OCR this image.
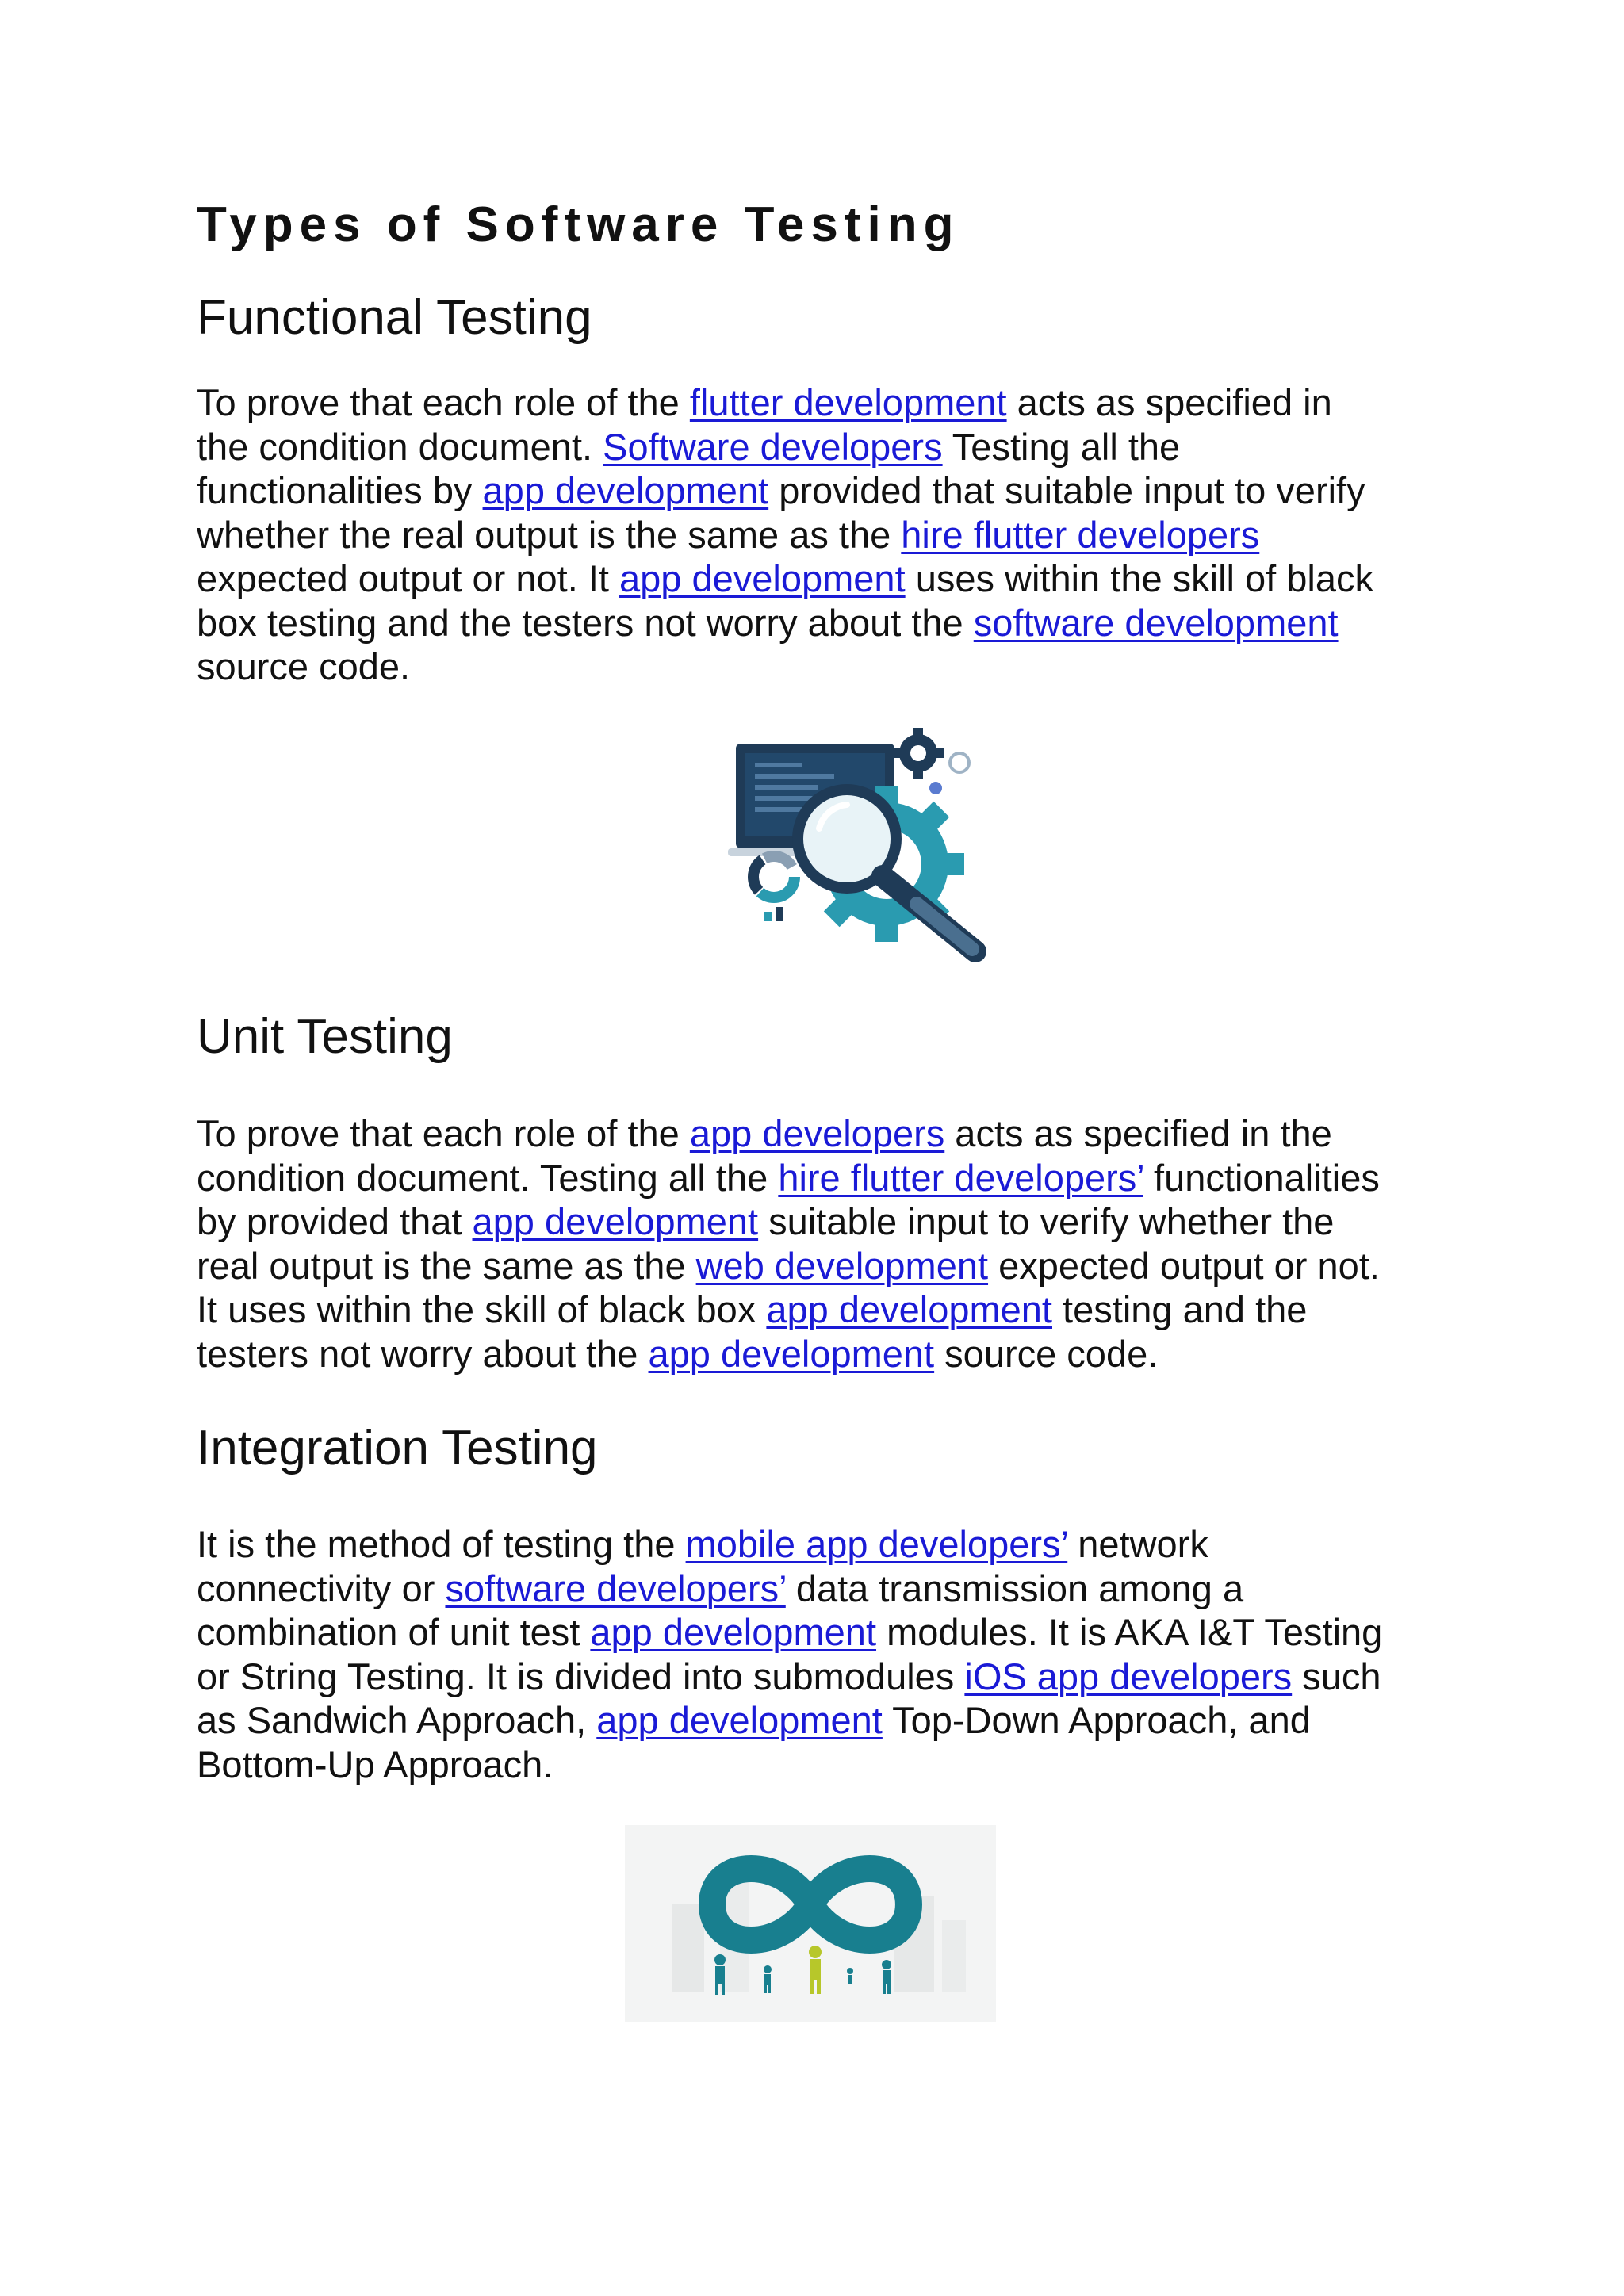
Types of Software Testing
Functional Testing

To prove that each role of the flutter development acts as specified in
the condition document. Software developers Testing all the
functionalities by app development provided that suitable input to verify
whether the real output is the same as the hire flutter developers
expected output or not. It app development uses within the skill of black
box testing and the testers not worry about the software development
source code.

Unit Testing

To prove that each role of the app developers acts as specified in the
condition document. Testing all the hire flutter developers’ functionalities
by provided that app development suitable input to verify whether the
real output is the same as the web development expected output or not.
It uses within the skill of black box app development testing and the
testers not worry about the app development source code.

Integration Testing

It is the method of testing the mobile app developers’ network
connectivity or software developers’ data transmission among a
combination of unit test app development modules. It is AKA I&T Testing
or String Testing. It is divided into submodules iOS app developers such
as Sandwich Approach, app development Top-Down Approach, and
Bottom-Up Approach.
